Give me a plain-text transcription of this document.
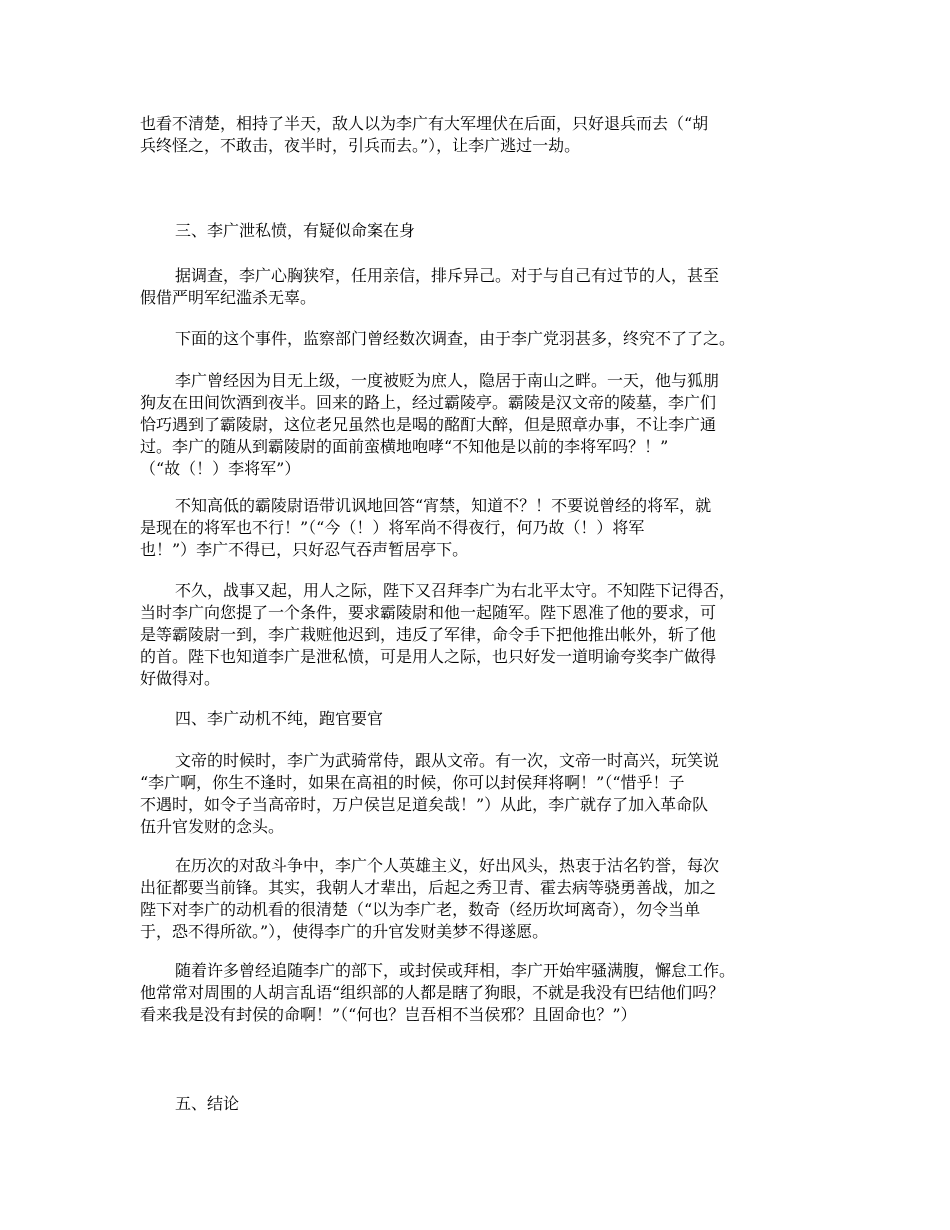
也看不清楚，相持了半天，敌人以为李广有大军埋伏在后面，只好退兵而去（“胡
兵终怪之，不敢击，夜半时，引兵而去。”），让李广逃过一劫。
三、李广泄私愤，有疑似命案在身
据调查，李广心胸狭窄，任用亲信，排斥异己。对于与自己有过节的人，甚至
假借严明军纪滥杀无辜。
下面的这个事件，监察部门曾经数次调查，由于李广党羽甚多，终究不了了之。
李广曾经因为目无上级，一度被贬为庶人，隐居于南山之畔。一天，他与狐朋
狗友在田间饮酒到夜半。回来的路上，经过霸陵亭。霸陵是汉文帝的陵墓，李广们
恰巧遇到了霸陵尉，这位老兄虽然也是喝的酩酊大醉，但是照章办事，不让李广通
过。李广的随从到霸陵尉的面前蛮横地咆哮“不知他是以前的李将军吗？！”
（“故（！）李将军”）
不知高低的霸陵尉语带讥讽地回答“宵禁，知道不？！不要说曾经的将军，就
是现在的将军也不行！”（“今（！）将军尚不得夜行，何乃故（！）将军
也！”）李广不得已，只好忍气吞声暂居亭下。
不久，战事又起，用人之际，陛下又召拜李广为右北平太守。不知陛下记得否，
当时李广向您提了一个条件，要求霸陵尉和他一起随军。陛下恩准了他的要求，可
是等霸陵尉一到，李广栽赃他迟到，违反了军律，命令手下把他推出帐外，斩了他
的首。陛下也知道李广是泄私愤，可是用人之际，也只好发一道明谕夸奖李广做得
好做得对。
四、李广动机不纯，跑官要官
文帝的时候时，李广为武骑常侍，跟从文帝。有一次，文帝一时高兴，玩笑说
“李广啊，你生不逢时，如果在高祖的时候，你可以封侯拜将啊！”（“惜乎！子
不遇时，如令子当高帝时，万户侯岂足道矣哉！”）从此，李广就存了加入革命队
伍升官发财的念头。
在历次的对敌斗争中，李广个人英雄主义，好出风头，热衷于沽名钓誉，每次
出征都要当前锋。其实，我朝人才辈出，后起之秀卫青、霍去病等骁勇善战，加之
陛下对李广的动机看的很清楚（“以为李广老，数奇（经历坎坷离奇），勿令当单
于，恐不得所欲。”），使得李广的升官发财美梦不得遂愿。
随着许多曾经追随李广的部下，或封侯或拜相，李广开始牢骚满腹，懈怠工作。
他常常对周围的人胡言乱语“组织部的人都是瞎了狗眼，不就是我没有巴结他们吗？
看来我是没有封侯的命啊！”（“何也？岂吾相不当侯邪？且固命也？”）
五、结论
